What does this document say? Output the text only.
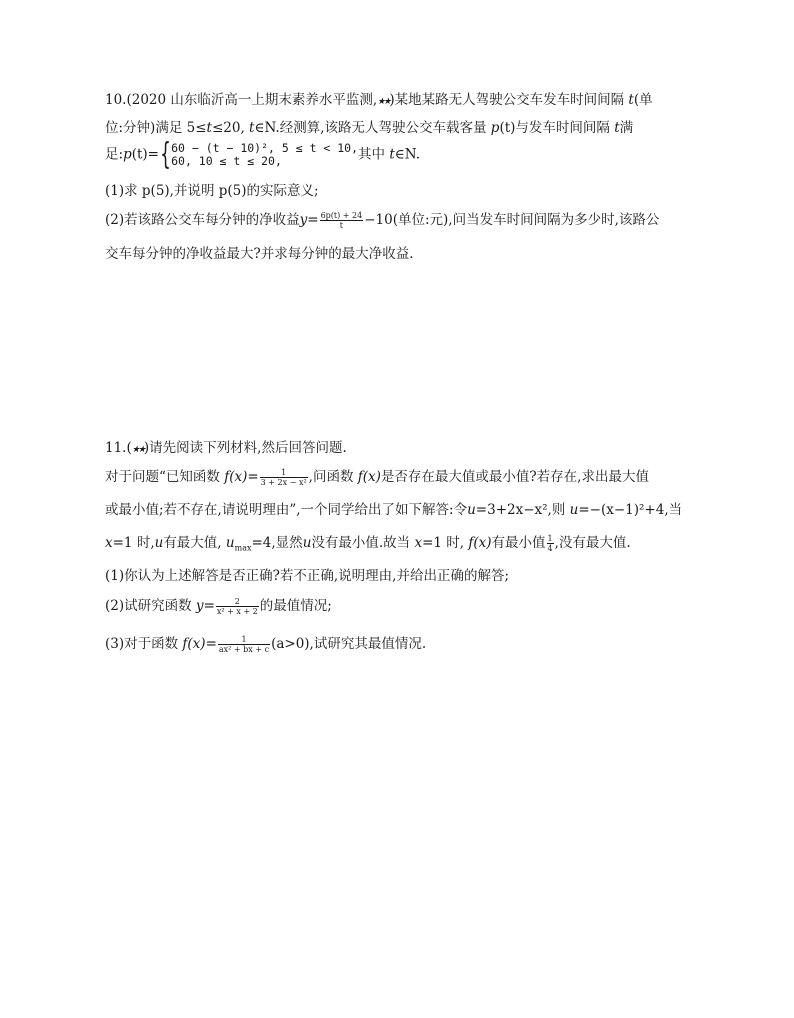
10.(2020 山东临沂高一上期末素养水平监测,★★)某地某路无人驾驶公交车发车时间间隔 t(单
位:分钟)满足 5≤t≤20, t∈N.经测算,该路无人驾驶公交车载客量 p(t)与发车时间间隔 t满
足:p(t)={ 60 − (t − 10)², 5 ≤ t < 10,
60, 10 ≤ t ≤ 20,	其中 t∈N.
(1)求 p(5),并说明 p(5)的实际意义;
(2)若该路公交车每分钟的净收益$y= \frac{6p(t) + 24}{t} -10$(单位:元),问当发车时间间隔为多少时,该路公
交车每分钟的净收益最大?并求每分钟的最大净收益.
11.(★★)请先阅读下列材料,然后回答问题.
对于问题“已知函数 $f(x)= \frac{1}{\text{3 + 2x − x²}}$ ,问函数 f(x)是否存在最大值或最小值?若存在,求出最大值
或最小值;若不存在,请说明理由”,一个同学给出了如下解答:令u=3+2x−x²,则 u=−(x−1)²+4,当
x=1 时,u有最大值, $u_{max}=4$,显然u没有最小值.故当 x=1 时, f(x)有最小值 $\frac{1}{4}$ ,没有最大值.
(1)你认为上述解答是否正确?若不正确,说明理由,并给出正确的解答;
(2)试研究函数 $y= \frac{2}{\text{x² + x + 2}}$ 的最值情况;
(3)对于函数 $f(x)= \frac{1}{\text{ax² + bx + c}} (a>0)$,试研究其最值情况.
